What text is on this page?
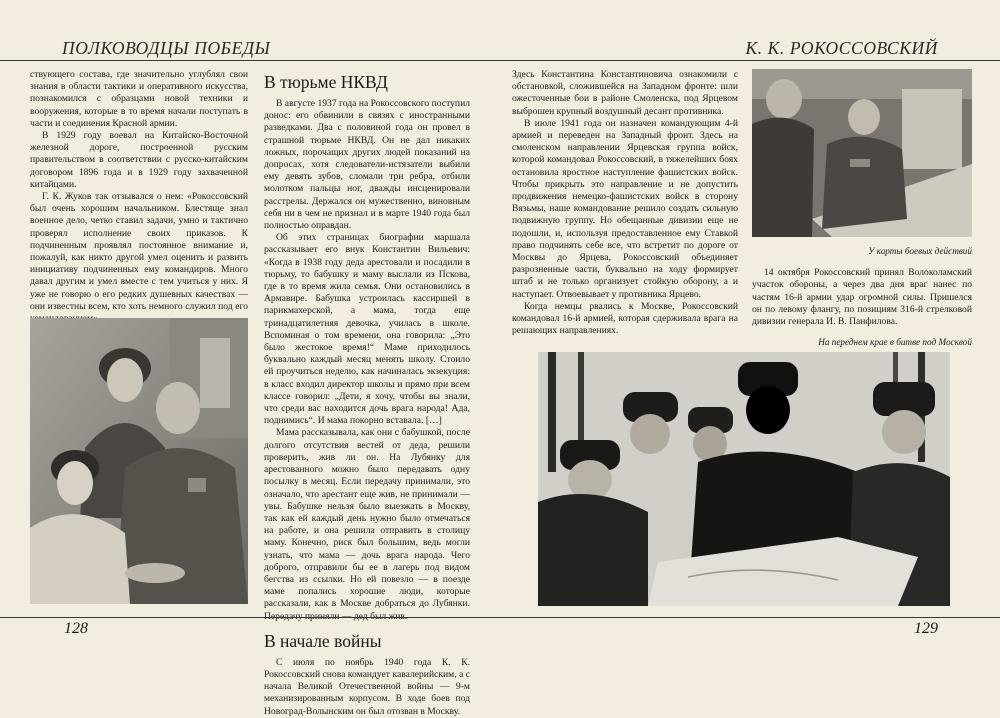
ПОЛКОВОДЦЫ ПОБЕДЫ

ствующего состава, где значительно углублял свои знания в области тактики и оперативного искусства, познакомился с образцами новой техники и вооружения, которые в то время начали поступать в части и соединения Красной армии.

В 1929 году воевал на Китайско-Восточной железной дороге, построенной русским правительством в соответствии с русско-китайским договором 1896 года и в 1929 году захваченной китайцами.

Г. К. Жуков так отзывался о нем: «Рокоссовский был очень хорошим начальником. Блестяще знал военное дело, четко ставил задачи, умно и тактично проверял исполнение своих приказов. К подчиненным проявлял постоянное внимание и, пожалуй, как никто другой умел оценить и развить инициативу подчиненных ему командиров. Много давал другим и умел вместе с тем учиться у них. Я уже не говорю о его редких душевных качествах — они известны всем, кто хоть немного служил под его

В тюрьме НКВД

В августе 1937 года на Рокоссовского поступил донос: его обвинили в связях с иностранными разведками. Два с половиной года он провел в страшной тюрьме НКВД. Он не дал никаких ложных, порочащих других людей показаний на допросах, хотя следователи-истязатели выбили ему девять зубов, сломали три ребра, отбили молотком пальцы ног, дважды инсценировали расстрелы. Держался он мужественно, виновным себя ни в чем не признал и в марте 1940 года был полностью оправдан.

Об этих страницах биографии маршала рассказывает его внук Константин Вильевич: «Когда в 1938 году деда арестовали и посадили в тюрьму, то бабушку и маму выслали из Пскова, где в то время жила семья. Они остановились в Армавире. Бабушка устроилась кассиршей в парикмахерской, а мама, тогда еще тринадцатилетняя девочка, училась в школе. Вспоминая о том времени, она говорила: „Это было жестокое время!“ Маме приходилось буквально каждый месяц менять школу. Стоило ей проучиться неделю, как начиналась экзекуция: в класс входил директор школы и прямо при всем классе говорил: „Дети, я хочу, чтобы вы знали, что среди вас находится дочь врага народа! Ада, поднимись“. И мама покорно вставала. […]

Мама рассказывала, как они с бабушкой, после долгого отсутствия вестей от деда, решили проверить, жив ли он. На Лубянку для арестованного можно было передавать одну посылку в месяц. Если передачу принимали, это означало, что арестант еще жив, не принимали — увы. Бабушке нельзя было выезжать в Москву, так как ей каждый день нужно было отмечаться на работе, и она решила отправить в столицу маму. Конечно, риск был большим, ведь могли узнать, что мама — дочь врага народа. Чего доброго, отправили бы ее в лагерь под видом бегства из ссылки. Но ей повезло — в поезде маме попались хорошие люди, которые рассказали, как в Москве добраться до Лубянки. Передачу приняли — дед был жив.

В начале войны

С июля по ноябрь 1940 года К. К. Рокоссовский снова командует кавалерийским, а с начала Великой Отечественной войны — 9-м механизированным корпусом. В ходе боев под Новоград-Волынским он был отозван в Москву.

128
К. К. РОКОССОВСКИЙ

Здесь Константина Константиновича ознакомили с обстановкой, сложившейся на Западном фронте: шли ожесточенные бои в районе Смоленска, под Ярцевом выброшен крупный воздушный десант противника.

В июле 1941 года он назначен командующим 4-й армией и переведен на Западный фронт. Здесь на смоленском направлении Ярцевская группа войск, которой командовал Рокоссовский, в тяжелейших боях остановила яростное наступление фашистских войск. Чтобы прикрыть это направление и не допустить продвижения немецко-фашистских войск в сторону Вязьмы, наше командование решило создать сильную подвижную группу. Но обещанные дивизии еще не подошли, и, используя предоставленное ему Ставкой право подчинять себе все, что встретит по дороге от Москвы до Ярцева, Рокоссовский объединяет разрозненные части, буквально на ходу формирует штаб и не только организует стойкую оборону, а и наступает. Отвоевывает у противника Ярцево.

Когда немцы рвались к Москве, Рокоссовский командовал 16-й армией, которая сдерживала врага на решающих направлениях.

У карты боевых действий

14 октября Рокоссовский принял Волоколамский участок обороны, а через два дня враг нанес по частям 16-й армии удар огромной силы. Пришелся он по левому флангу, по позициям 316-й стрелковой дивизии генерала И. В. Панфилова.

На переднем крае в битве под Москвой

129
